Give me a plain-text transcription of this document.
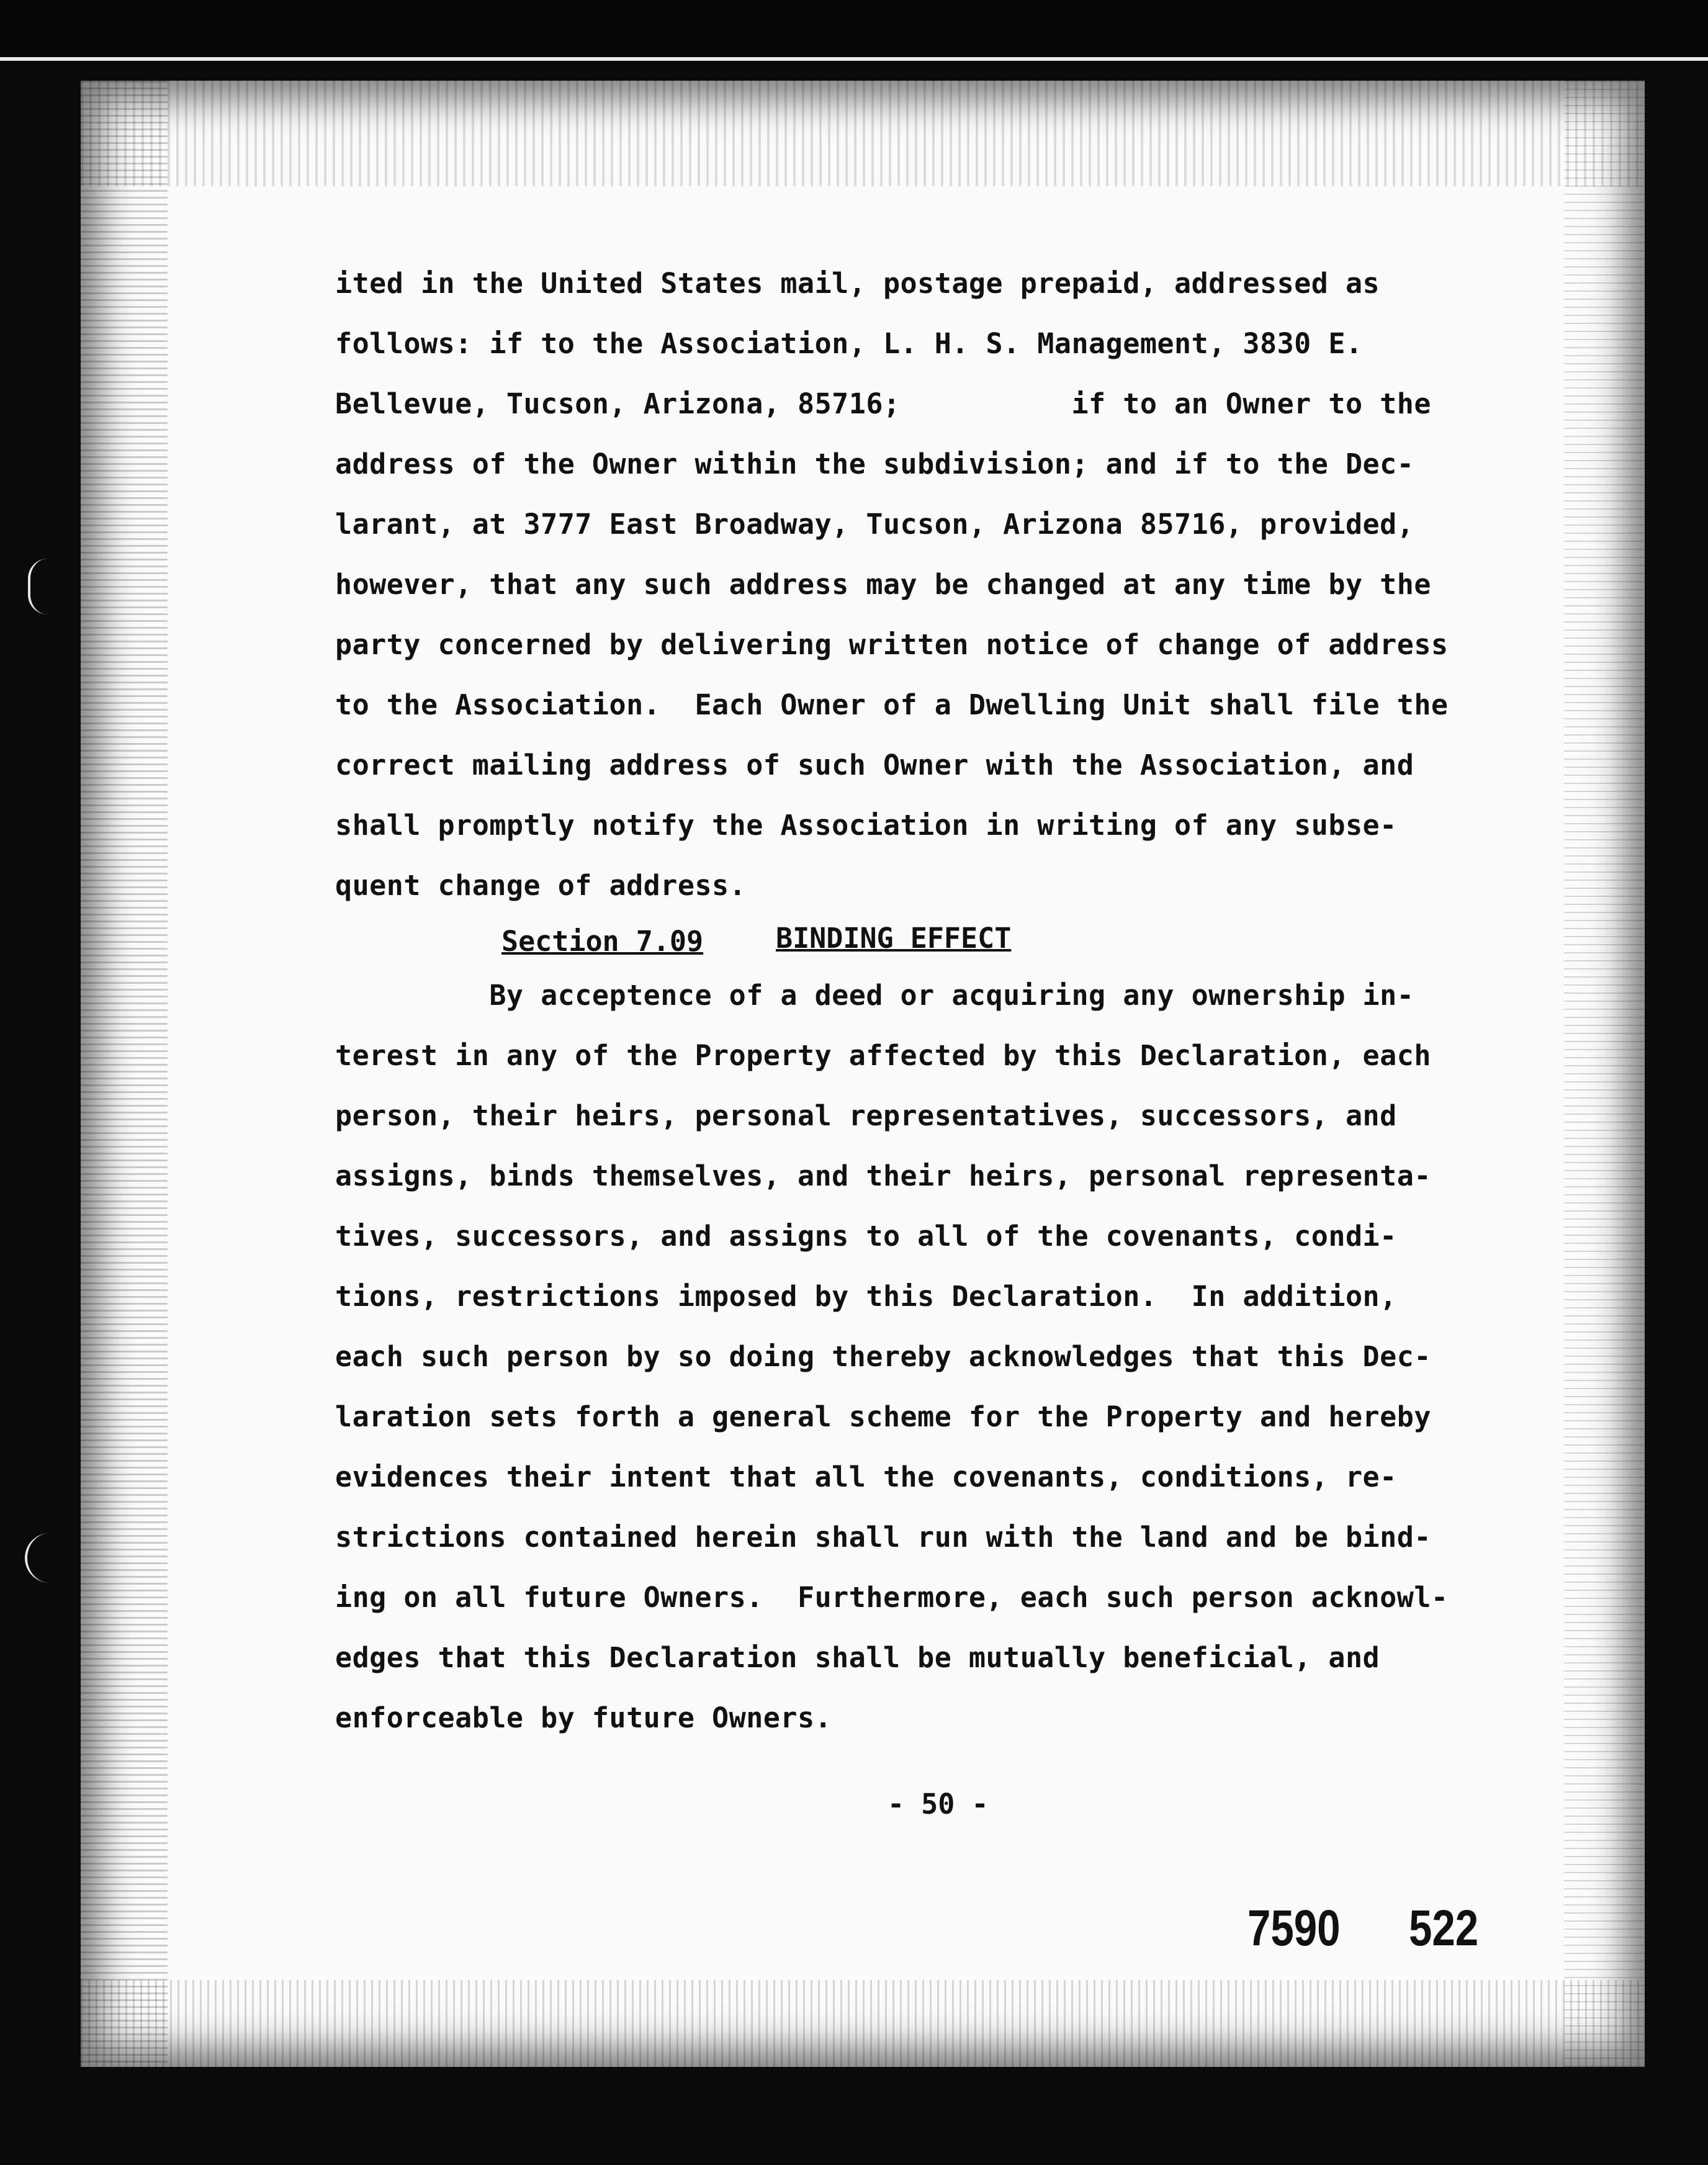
ited in the United States mail, postage prepaid, addressed as
follows: if to the Association, L. H. S. Management, 3830 E.
Bellevue, Tucson, Arizona, 85716;          if to an Owner to the
address of the Owner within the subdivision; and if to the Dec-
larant, at 3777 East Broadway, Tucson, Arizona 85716, provided,
however, that any such address may be changed at any time by the
party concerned by delivering written notice of change of address
to the Association.  Each Owner of a Dwelling Unit shall file the
correct mailing address of such Owner with the Association, and
shall promptly notify the Association in writing of any subse-
quent change of address.
Section 7.09	BINDING EFFECT
By acceptence of a deed or acquiring any ownership in-
terest in any of the Property affected by this Declaration, each
person, their heirs, personal representatives, successors, and
assigns, binds themselves, and their heirs, personal representa-
tives, successors, and assigns to all of the covenants, condi-
tions, restrictions imposed by this Declaration.  In addition,
each such person by so doing thereby acknowledges that this Dec-
laration sets forth a general scheme for the Property and hereby
evidences their intent that all the covenants, conditions, re-
strictions contained herein shall run with the land and be bind-
ing on all future Owners.  Furthermore, each such person acknowl-
edges that this Declaration shall be mutually beneficial, and
enforceable by future Owners.
- 50 -
7590 522
